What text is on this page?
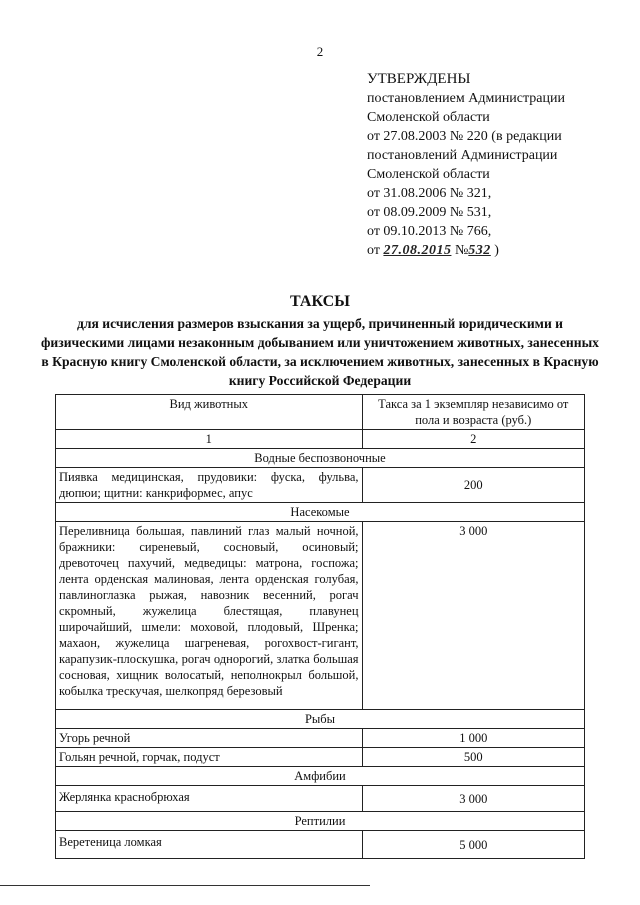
2
УТВЕРЖДЕНЫ
постановлением Администрации
Смоленской области
от 27.08.2003 № 220 (в редакции
постановлений Администрации
Смоленской области
от 31.08.2006 № 321,
от 08.09.2009 № 531,
от 09.10.2013 № 766,
от 27.08.2015 №532 )
ТАКСЫ
для исчисления размеров взыскания за ущерб, причиненный юридическими и физическими лицами незаконным добыванием или уничтожением животных, занесенных в Красную книгу Смоленской области, за исключением животных, занесенных в Красную книгу Российской Федерации
Вид животных	Такса за 1 экземпляр независимо от пола и возраста (руб.)
1	2
Водные беспозвоночные	
Пиявка медицинская, прудовики: фуска, фульва, дюпюи; щитни: канкриформес, апус	200
Насекомые	
Переливница большая, павлиний глаз малый ночной, бражники: сиреневый, сосновый, осиновый; древоточец пахучий, медведицы: матрона, госпожа; лента орденская малиновая, лента орденская голубая, павлиноглазка рыжая, навозник весенний, рогач скромный, жужелица блестящая, плавунец широчайший, шмели: моховой, плодовый, Шренка; махаон, жужелица шагреневая, рогохвост-гигант, карапузик-плоскушка, рогач однорогий, златка большая сосновая, хищник волосатый, неполнокрыл большой, кобылка трескучая, шелкопряд березовый	3 000
Рыбы	
Угорь речной	1 000
Гольян речной, горчак, подуст	500
Амфибии	
Жерлянка краснобрюхая	3 000
Рептилии	
Веретеница ломкая	5 000
